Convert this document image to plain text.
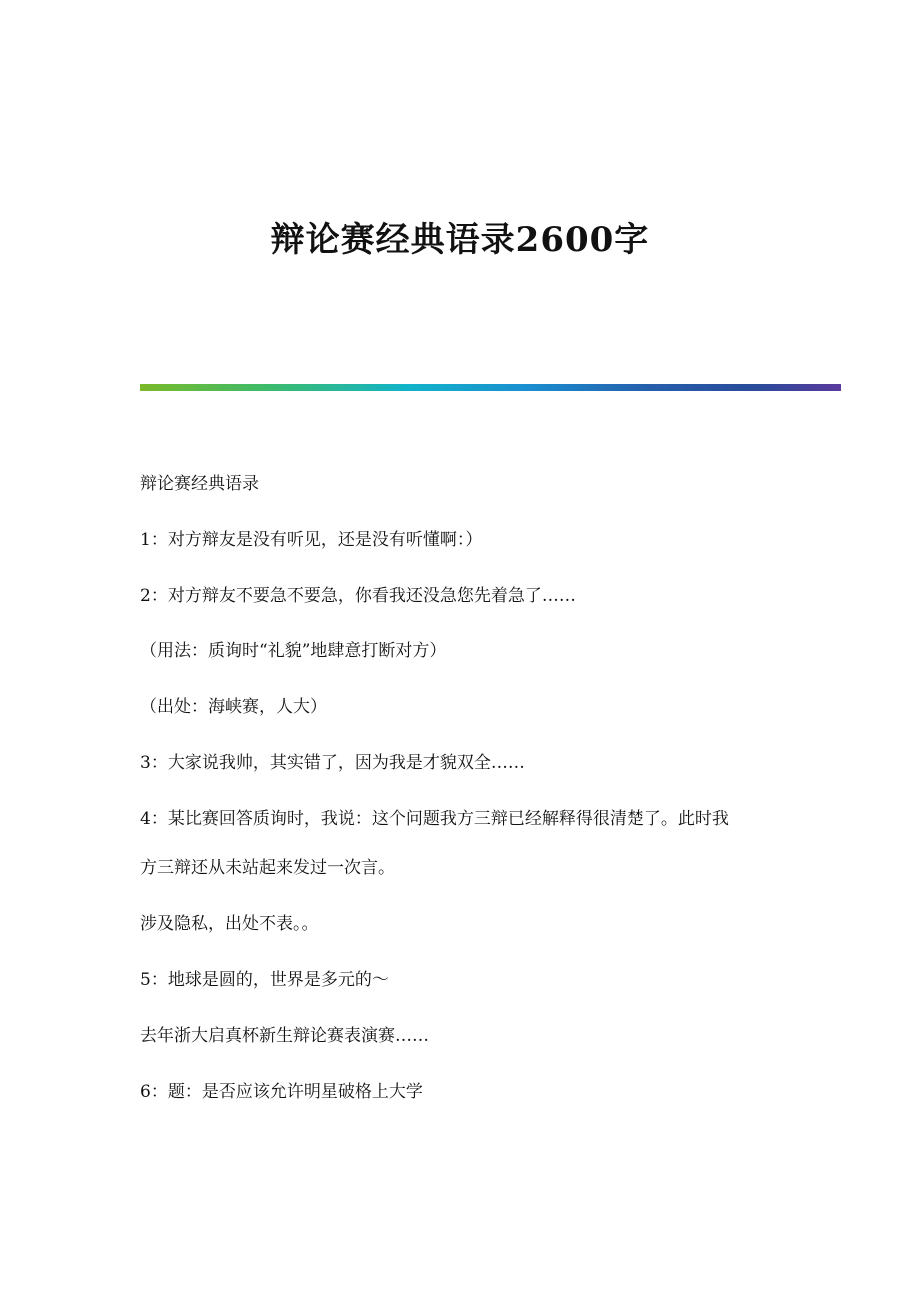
辩论赛经典语录2600字
辩论赛经典语录
1：对方辩友是没有听见，还是没有听懂啊：）
2：对方辩友不要急不要急，你看我还没急您先着急了……
（用法：质询时“礼貌”地肆意打断对方）
（出处：海峡赛，人大）
3：大家说我帅，其实错了，因为我是才貌双全……
4：某比赛回答质询时，我说：这个问题我方三辩已经解释得很清楚了。此时我
方三辩还从未站起来发过一次言。
涉及隐私，出处不表。。
5：地球是圆的，世界是多元的～
去年浙大启真杯新生辩论赛表演赛……
6：题：是否应该允许明星破格上大学
